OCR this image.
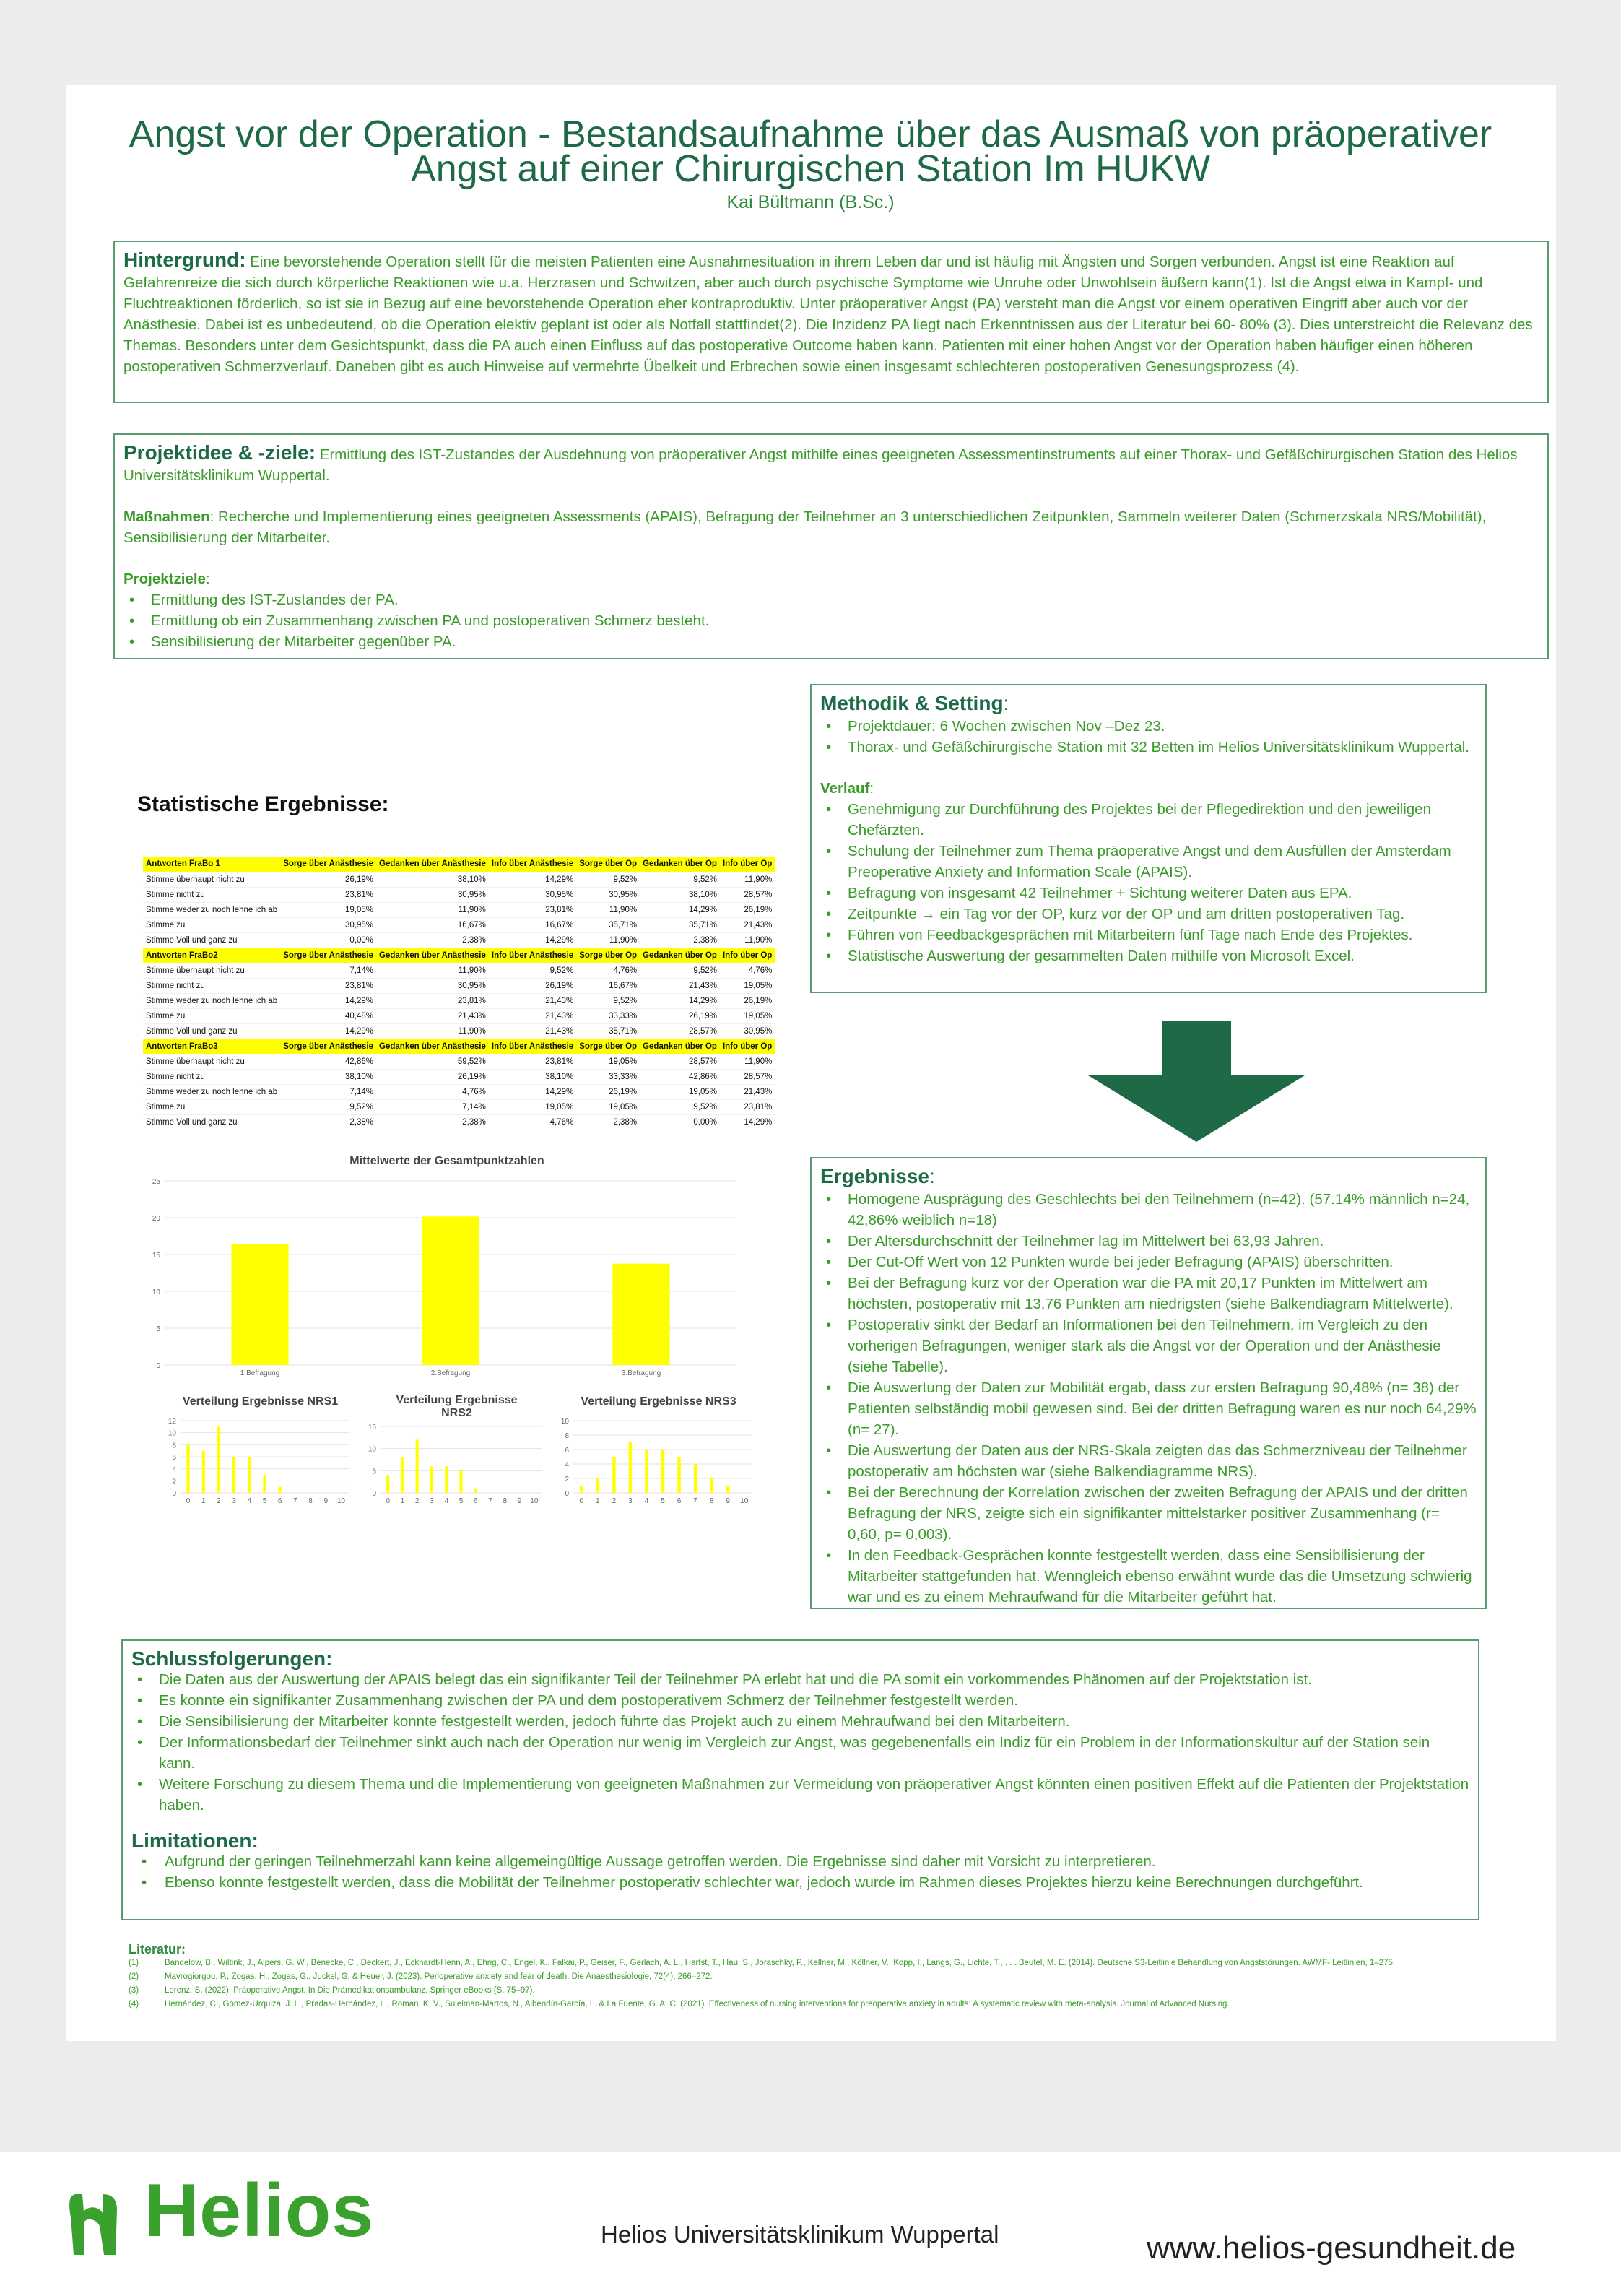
Angst vor der Operation - Bestandsaufnahme über das Ausmaß von präoperativer
Angst auf einer Chirurgischen Station Im HUKW
Kai Bültmann (B.Sc.)
Hintergrund: Eine bevorstehende Operation stellt für die meisten Patienten eine Ausnahmesituation in ihrem Leben dar und ist häufig mit Ängsten und Sorgen verbunden. Angst ist eine Reaktion auf Gefahrenreize die sich durch körperliche Reaktionen wie u.a. Herzrasen und Schwitzen, aber auch durch psychische Symptome wie Unruhe oder Unwohlsein äußern kann(1). Ist die Angst etwa in Kampf- und Fluchtreaktionen förderlich, so ist sie in Bezug auf eine bevorstehende Operation eher kontraproduktiv. Unter präoperativer Angst (PA) versteht man die Angst vor einem operativen Eingriff aber auch vor der Anästhesie. Dabei ist es unbedeutend, ob die Operation elektiv geplant ist oder als Notfall stattfindet(2). Die Inzidenz PA liegt nach Erkenntnissen aus der Literatur bei 60- 80% (3). Dies unterstreicht die Relevanz des Themas. Besonders unter dem Gesichtspunkt, dass die PA auch einen Einfluss auf das postoperative Outcome haben kann. Patienten mit einer hohen Angst vor der Operation haben häufiger einen höheren postoperativen Schmerzverlauf. Daneben gibt es auch Hinweise auf vermehrte Übelkeit und Erbrechen sowie einen insgesamt schlechteren postoperativen Genesungsprozess (4).
Projektidee & -ziele: Ermittlung des IST-Zustandes der Ausdehnung von präoperativer Angst mithilfe eines geeigneten Assessmentinstruments auf einer Thorax- und Gefäßchirurgischen Station des Helios Universitätsklinikum Wuppertal.
Maßnahmen: Recherche und Implementierung eines geeigneten Assessments (APAIS), Befragung der Teilnehmer an 3 unterschiedlichen Zeitpunkten, Sammeln weiterer Daten (Schmerzskala NRS/Mobilität), Sensibilisierung der Mitarbeiter.
Projektziele:
• Ermittlung des IST-Zustandes der PA.
• Ermittlung ob ein Zusammenhang zwischen PA und postoperativen Schmerz besteht.
• Sensibilisierung der Mitarbeiter gegenüber PA.
Methodik & Setting:
• Projektdauer: 6 Wochen zwischen Nov –Dez 23.
• Thorax- und Gefäßchirurgische Station mit 32 Betten im Helios Universitätsklinikum Wuppertal.
Verlauf:
• Genehmigung zur Durchführung des Projektes bei der Pflegedirektion und den jeweiligen Chefärzten.
• Schulung der Teilnehmer zum Thema präoperative Angst und dem Ausfüllen der Amsterdam Preoperative Anxiety and Information Scale (APAIS).
• Befragung von insgesamt 42 Teilnehmer + Sichtung weiterer Daten aus EPA.
• Zeitpunkte → ein Tag vor der OP, kurz vor der OP und am dritten postoperativen Tag.
• Führen von Feedbackgesprächen mit Mitarbeitern fünf Tage nach Ende des Projektes.
• Statistische Auswertung der gesammelten Daten mithilfe von Microsoft Excel.
Statistische Ergebnisse:
Antworten FraBo 1	Sorge über Anästhesie	Gedanken über Anästhesie	Info über Anästhesie	Sorge über Op	Gedanken über Op	Info über Op
Stimme überhaupt nicht zu	26,19%	38,10%	14,29%	9,52%	9,52%	11,90%
Stimme nicht zu	23,81%	30,95%	30,95%	30,95%	38,10%	28,57%
Stimme weder zu noch lehne ich ab	19,05%	11,90%	23,81%	11,90%	14,29%	26,19%
Stimme zu	30,95%	16,67%	16,67%	35,71%	35,71%	21,43%
Stimme Voll und ganz zu	0,00%	2,38%	14,29%	11,90%	2,38%	11,90%
Antworten FraBo2	Sorge über Anästhesie	Gedanken über Anästhesie	Info über Anästhesie	Sorge über Op	Gedanken über Op	Info über Op
Stimme überhaupt nicht zu	7,14%	11,90%	9,52%	4,76%	9,52%	4,76%
Stimme nicht zu	23,81%	30,95%	26,19%	16,67%	21,43%	19,05%
Stimme weder zu noch lehne ich ab	14,29%	23,81%	21,43%	9,52%	14,29%	26,19%
Stimme zu	40,48%	21,43%	21,43%	33,33%	26,19%	19,05%
Stimme Voll und ganz zu	14,29%	11,90%	21,43%	35,71%	28,57%	30,95%
Antworten FraBo3	Sorge über Anästhesie	Gedanken über Anästhesie	Info über Anästhesie	Sorge über Op	Gedanken über Op	Info über Op
Stimme überhaupt nicht zu	42,86%	59,52%	23,81%	19,05%	28,57%	11,90%
Stimme nicht zu	38,10%	26,19%	38,10%	33,33%	42,86%	28,57%
Stimme weder zu noch lehne ich ab	7,14%	4,76%	14,29%	26,19%	19,05%	21,43%
Stimme zu	9,52%	7,14%	19,05%	19,05%	9,52%	23,81%
Stimme Voll und ganz zu	2,38%	2,38%	4,76%	2,38%	0,00%	14,29%
Mittelwerte der Gesamtpunktzahlen
0
5
10
15
20
25
1.Befragung	2.Befragung	3.Befragung
Verteilung Ergebnisse NRS1
0
2
4
6
8
10
12
0 1 2 3 4 5 6 7 8 9 10
Verteilung Ergebnisse NRS2
0
5
10
15
0 1 2 3 4 5 6 7 8 9 10
Verteilung Ergebnisse NRS3
0
2
4
6
8
10
0 1 2 3 4 5 6 7 8 9 10
Ergebnisse:
• Homogene Ausprägung des Geschlechts bei den Teilnehmern (n=42). (57.14% männlich n=24, 42,86% weiblich n=18)
• Der Altersdurchschnitt der Teilnehmer lag im Mittelwert bei 63,93 Jahren.
• Der Cut-Off Wert von 12 Punkten wurde bei jeder Befragung (APAIS) überschritten.
• Bei der Befragung kurz vor der Operation war die PA mit 20,17 Punkten im Mittelwert am höchsten, postoperativ mit 13,76 Punkten am niedrigsten (siehe Balkendiagram Mittelwerte).
• Postoperativ sinkt der Bedarf an Informationen bei den Teilnehmern, im Vergleich zu den vorherigen Befragungen, weniger stark als die Angst vor der Operation und der Anästhesie (siehe Tabelle).
• Die Auswertung der Daten zur Mobilität ergab, dass zur ersten Befragung 90,48% (n= 38) der Patienten selbständig mobil gewesen sind. Bei der dritten Befragung waren es nur noch 64,29% (n= 27).
• Die Auswertung der Daten aus der NRS-Skala zeigten das das Schmerzniveau der Teilnehmer postoperativ am höchsten war (siehe Balkendiagramme NRS).
• Bei der Berechnung der Korrelation zwischen der zweiten Befragung der APAIS und der dritten Befragung der NRS, zeigte sich ein signifikanter mittelstarker positiver Zusammenhang (r= 0,60, p= 0,003).
• In den Feedback-Gesprächen konnte festgestellt werden, dass eine Sensibilisierung der Mitarbeiter stattgefunden hat. Wenngleich ebenso erwähnt wurde das die Umsetzung schwierig war und es zu einem Mehraufwand für die Mitarbeiter geführt hat.
Schlussfolgerungen:
• Die Daten aus der Auswertung der APAIS belegt das ein signifikanter Teil der Teilnehmer PA erlebt hat und die PA somit ein vorkommendes Phänomen auf der Projektstation ist.
• Es konnte ein signifikanter Zusammenhang zwischen der PA und dem postoperativem Schmerz der Teilnehmer festgestellt werden.
• Die Sensibilisierung der Mitarbeiter konnte festgestellt werden, jedoch führte das Projekt auch zu einem Mehraufwand bei den Mitarbeitern.
• Der Informationsbedarf der Teilnehmer sinkt auch nach der Operation nur wenig im Vergleich zur Angst, was gegebenenfalls ein Indiz für ein Problem in der Informationskultur auf der Station sein kann.
• Weitere Forschung zu diesem Thema und die Implementierung von geeigneten Maßnahmen zur Vermeidung von präoperativer Angst könnten einen positiven Effekt auf die Patienten der Projektstation haben.
Limitationen:
• Aufgrund der geringen Teilnehmerzahl kann keine allgemeingültige Aussage getroffen werden. Die Ergebnisse sind daher mit Vorsicht zu interpretieren.
• Ebenso konnte festgestellt werden, dass die Mobilität der Teilnehmer postoperativ schlechter war, jedoch wurde im Rahmen dieses Projektes hierzu keine Berechnungen durchgeführt.
Literatur:
(1)	Bandelow, B., Wiltink, J., Alpers, G. W., Benecke, C., Deckert, J., Eckhardt-Henn, A., Ehrig, C., Engel, K., Falkai, P., Geiser, F., Gerlach, A. L., Harfst, T., Hau, S., Joraschky, P., Kellner, M., Köllner, V., Kopp, I., Langs, G., Lichte, T., . . . Beutel, M. E. (2014). Deutsche S3-Leitlinie Behandlung von Angststörungen. AWMF- Leitlinien, 1–275.
(2)	Mavrogiorgou, P., Zogas, H., Zogas, G., Juckel, G. & Heuer, J. (2023). Perioperative anxiety and fear of death. Die Anaesthesiologie, 72(4), 266–272.
(3)	Lorenz, S. (2022). Präoperative Angst. In Die Prämedikationsambulanz. Springer eBooks (S. 75–97).
(4)	Hernández, C., Gómez-Urquiza, J. L., Pradas-Hernández, L., Roman, K. V., Suleiman-Martos, N., Albendín-García, L. & La Fuente, G. A. C. (2021). Effectiveness of nursing interventions for preoperative anxiety in adults: A systematic review with meta-analysis. Journal of Advanced Nursing.
Helios	Helios Universitätsklinikum Wuppertal	www.helios-gesundheit.de
